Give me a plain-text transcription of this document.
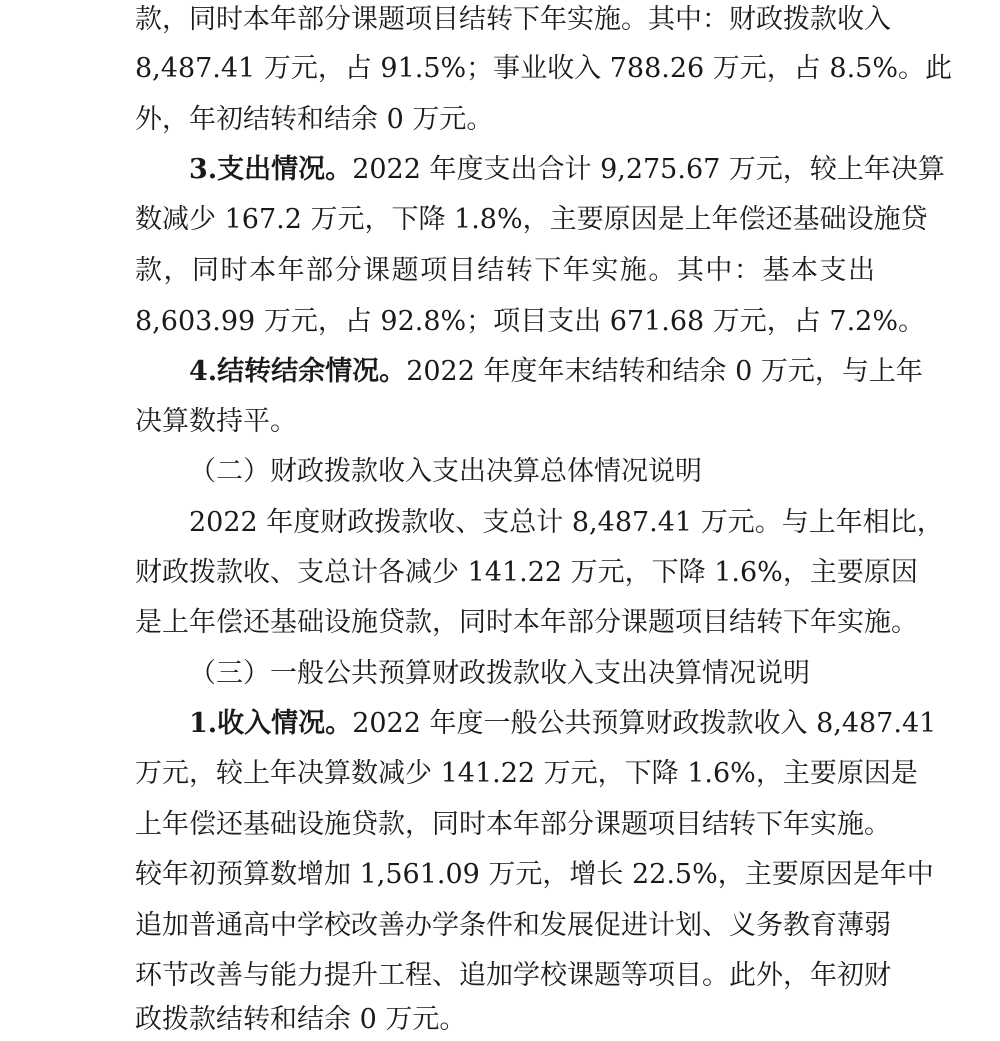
款，同时本年部分课题项目结转下年实施。其中：财政拨款收入
8,487.41 万元，占 91.5%；事业收入 788.26 万元，占 8.5%。此
外，年初结转和结余 0 万元。
3.支出情况。2022 年度支出合计 9,275.67 万元，较上年决算
数减少 167.2 万元，下降 1.8%，主要原因是上年偿还基础设施贷
款，同时本年部分课题项目结转下年实施。其中：基本支出
8,603.99 万元，占 92.8%；项目支出 671.68 万元，占 7.2%。
4.结转结余情况。2022 年度年末结转和结余 0 万元，与上年
决算数持平。
（二）财政拨款收入支出决算总体情况说明
2022 年度财政拨款收、支总计 8,487.41 万元。与上年相比，
财政拨款收、支总计各减少 141.22 万元，下降 1.6%，主要原因
是上年偿还基础设施贷款，同时本年部分课题项目结转下年实施。
（三）一般公共预算财政拨款收入支出决算情况说明
1.收入情况。2022 年度一般公共预算财政拨款收入 8,487.41
万元，较上年决算数减少 141.22 万元，下降 1.6%，主要原因是
上年偿还基础设施贷款，同时本年部分课题项目结转下年实施。
较年初预算数增加 1,561.09 万元，增长 22.5%，主要原因是年中
追加普通高中学校改善办学条件和发展促进计划、义务教育薄弱
环节改善与能力提升工程、追加学校课题等项目。此外，年初财
政拨款结转和结余 0 万元。
